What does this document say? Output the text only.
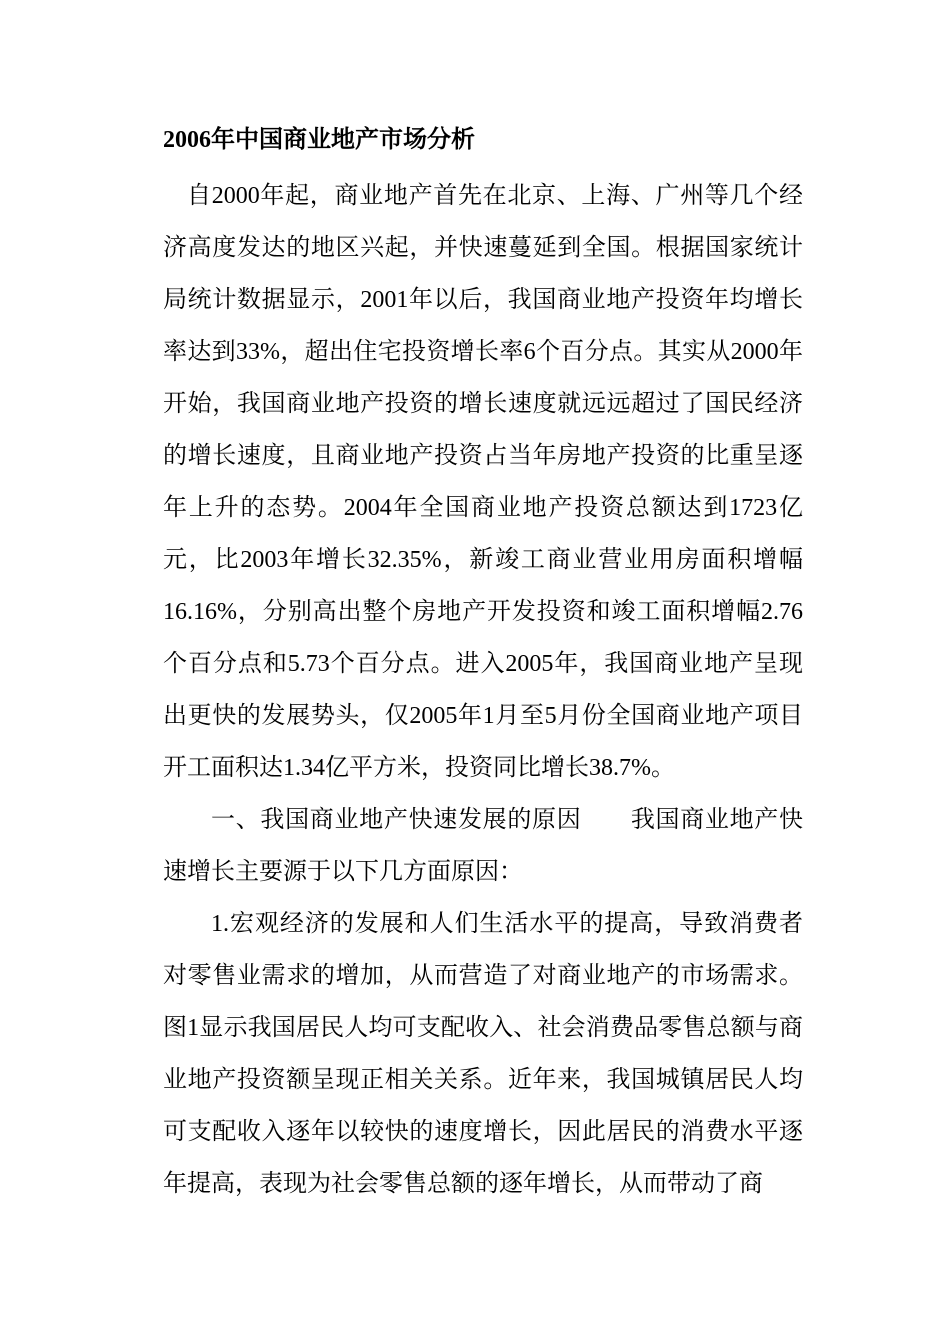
2006年中国商业地产市场分析

自2000年起，商业地产首先在北京、上海、广州等几个经济高度发达的地区兴起，并快速蔓延到全国。根据国家统计局统计数据显示，2001年以后，我国商业地产投资年均增长率达到33%，超出住宅投资增长率6个百分点。其实从2000年开始，我国商业地产投资的增长速度就远远超过了国民经济的增长速度，且商业地产投资占当年房地产投资的比重呈逐年上升的态势。2004年全国商业地产投资总额达到1723亿元，比2003年增长32.35%，新竣工商业营业用房面积增幅16.16%，分别高出整个房地产开发投资和竣工面积增幅2.76个百分点和5.73个百分点。进入2005年，我国商业地产呈现出更快的发展势头，仅2005年1月至5月份全国商业地产项目开工面积达1.34亿平方米，投资同比增长38.7%。

一、我国商业地产快速发展的原因　　我国商业地产快速增长主要源于以下几方面原因：

1.宏观经济的发展和人们生活水平的提高，导致消费者对零售业需求的增加，从而营造了对商业地产的市场需求。图1显示我国居民人均可支配收入、社会消费品零售总额与商业地产投资额呈现正相关关系。近年来，我国城镇居民人均可支配收入逐年以较快的速度增长，因此居民的消费水平逐年提高，表现为社会零售总额的逐年增长，从而带动了商
